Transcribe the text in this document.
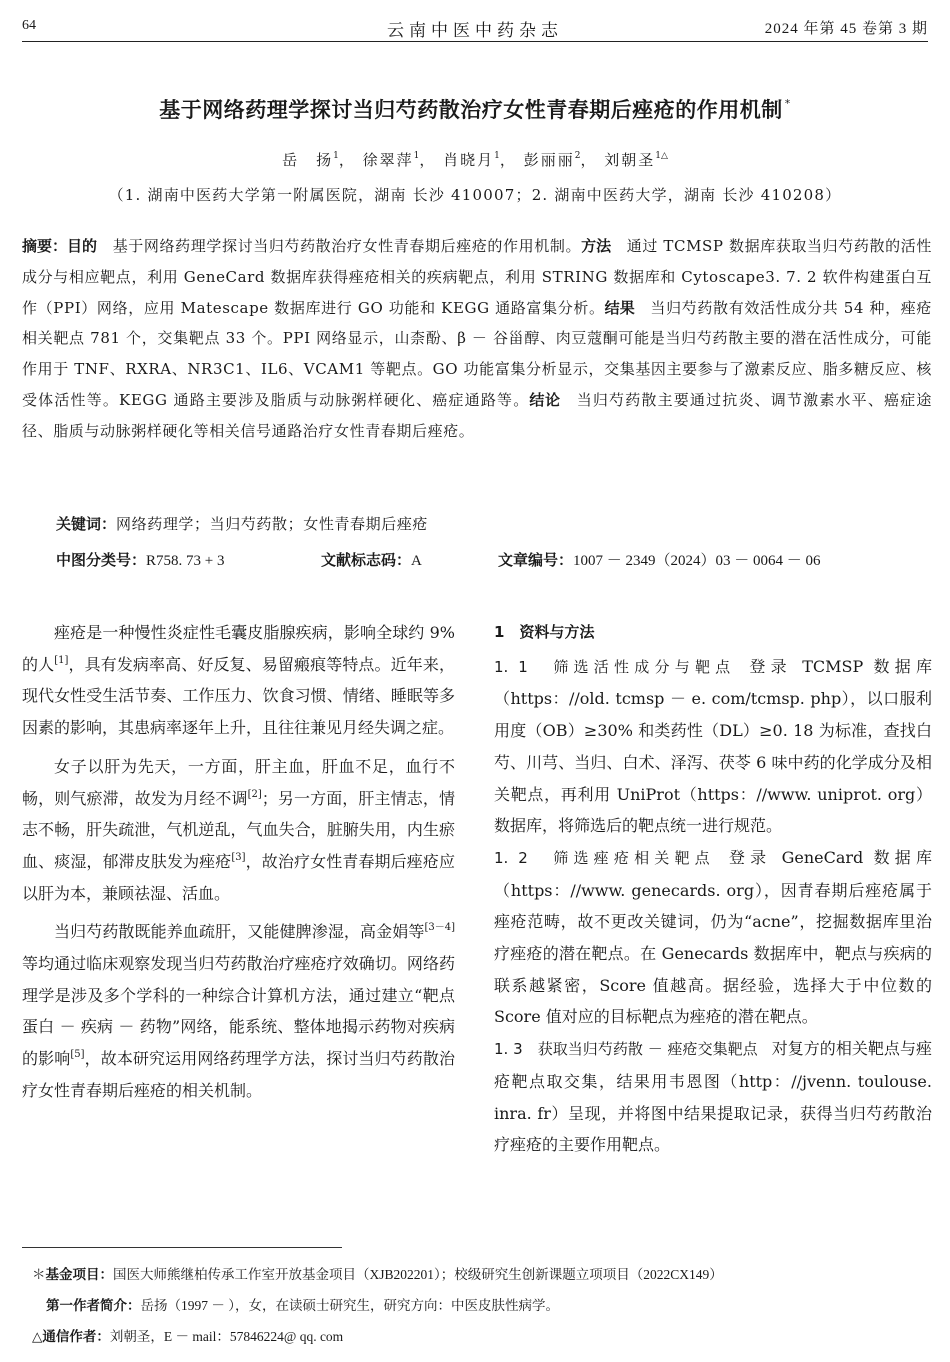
64	云南中医中药杂志	2024 年第 45 卷第 3 期
基于网络药理学探讨当归芍药散治疗女性青春期后痤疮的作用机制 *
岳　扬$^1$， 徐翠萍$^1$， 肖晓月$^1$， 彭丽丽$^2$， 刘朝圣$^{1\triangle}$
（1. 湖南中医药大学第一附属医院，湖南 长沙 410007；2. 湖南中医药大学，湖南 长沙 410208）
摘要：目的　基于网络药理学探讨当归芍药散治疗女性青春期后痤疮的作用机制。方法　通过 TCMSP 数据库获取当归芍药散的活性成分与相应靶点，利用 GeneCard 数据库获得痤疮相关的疾病靶点，利用 STRING 数据库和 Cytoscape3. 7. 2 软件构建蛋白互作（PPI）网络，应用 Matescape 数据库进行 GO 功能和 KEGG 通路富集分析。结果　当归芍药散有效活性成分共 54 种，痤疮相关靶点 781 个，交集靶点 33 个。PPI 网络显示，山柰酚、β － 谷甾醇、肉豆蔻酮可能是当归芍药散主要的潜在活性成分，可能作用于 TNF、RXRA、NR3C1、IL6、VCAM1 等靶点。GO 功能富集分析显示，交集基因主要参与了激素反应、脂多糖反应、核受体活性等。KEGG 通路主要涉及脂质与动脉粥样硬化、癌症通路等。结论　当归芍药散主要通过抗炎、调节激素水平、癌症途径、脂质与动脉粥样硬化等相关信号通路治疗女性青春期后痤疮。
关键词：网络药理学；当归芍药散；女性青春期后痤疮
中图分类号：R758. 73 + 3	文献标志码：A	文章编号：1007 － 2349（2024）03 － 0064 － 06

痤疮是一种慢性炎症性毛囊皮脂腺疾病，影响全球约 9% 的人[1]，具有发病率高、好反复、易留瘢痕等特点。近年来，现代女性受生活节奏、工作压力、饮食习惯、情绪、睡眠等多因素的影响，其患病率逐年上升，且往往兼见月经失调之症。

女子以肝为先天，一方面，肝主血，肝血不足，血行不畅，则气瘀滞，故发为月经不调[2]；另一方面，肝主情志，情志不畅，肝失疏泄，气机逆乱，气血失合，脏腑失用，内生瘀血、痰湿，郁滞皮肤发为痤疮[3]，故治疗女性青春期后痤疮应以肝为本，兼顾祛湿、活血。

当归芍药散既能养血疏肝，又能健脾渗湿，高金娟等[3－4]等均通过临床观察发现当归芍药散治疗痤疮疗效确切。网络药理学是涉及多个学科的一种综合计算机方法，通过建立“靶点蛋白 － 疾病 － 药物”网络，能系统、整体地揭示药物对疾病的影响[5]，故本研究运用网络药理学方法，探讨当归芍药散治疗女性青春期后痤疮的相关机制。

1　资料与方法

1. 1　筛选活性成分与靶点 登录 TCMSP 数据库（https：//old. tcmsp － e. com/tcmsp. php），以口服利用度（OB）≥30% 和类药性（DL）≥0. 18 为标准，查找白芍、川芎、当归、白术、泽泻、茯苓 6 味中药的化学成分及相关靶点，再利用 UniProt（https：//www. uniprot. org）数据库，将筛选后的靶点统一进行规范。

1. 2　筛选痤疮相关靶点 登录 GeneCard 数据库（https：//www. genecards. org），因青春期后痤疮属于痤疮范畴，故不更改关键词，仍为“acne”，挖掘数据库里治疗痤疮的潜在靶点。在 Genecards 数据库中，靶点与疾病的联系越紧密，Score 值越高。据经验，选择大于中位数的 Score 值对应的目标靶点为痤疮的潜在靶点。

1. 3　获取当归芍药散 － 痤疮交集靶点 对复方的相关靶点与痤疮靶点取交集，结果用韦恩图（http：//jvenn. toulouse. inra. fr）呈现，并将图中结果提取记录，获得当归芍药散治疗痤疮的主要作用靶点。

＊基金项目：国医大师熊继柏传承工作室开放基金项目（XJB202201）；校级研究生创新课题立项项目（2022CX149）
第一作者简介：岳扬（1997 － ），女，在读硕士研究生，研究方向：中医皮肤性病学。
△通信作者：刘朝圣，E － mail：57846224@ qq. com
